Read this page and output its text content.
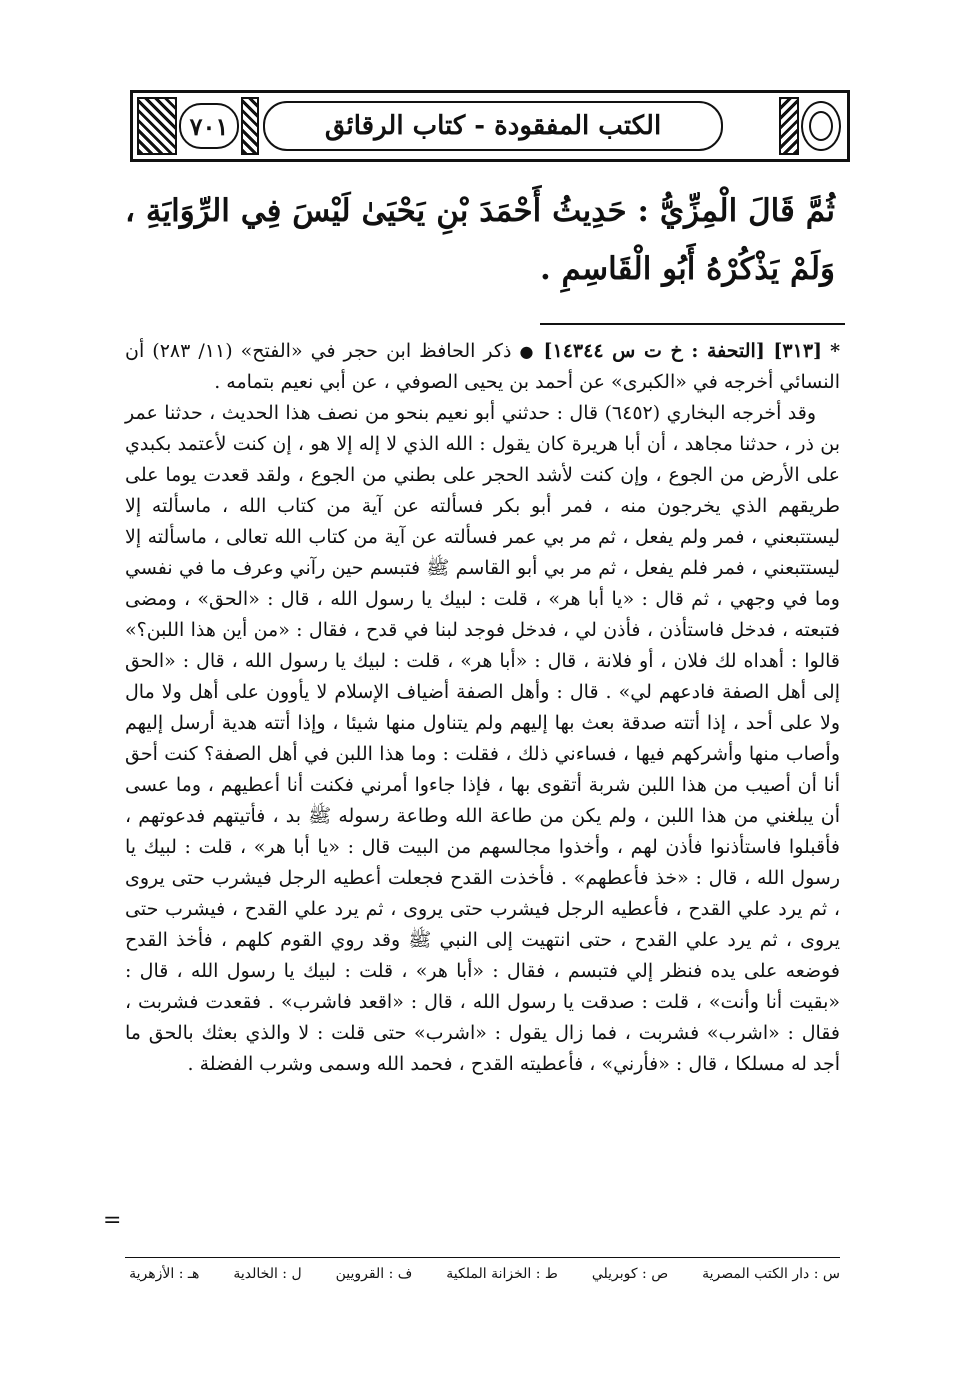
٧٠١	الكتب المفقودة - كتاب الرقائق
ثُمَّ قَالَ الْمِزِّيُّ : حَدِيثُ أَحْمَدَ بْنِ يَحْيَىٰ لَيْسَ فِي الرِّوَايَةِ ، وَلَمْ يَذْكُرْهُ أَبُو الْقَاسِمِ .

* [٣١٣] [التحفة : خ ت س ١٤٣٤٤] ● ذكر الحافظ ابن حجر في «الفتح» (١١/ ٢٨٣) أن النسائي أخرجه في «الكبرى» عن أحمد بن يحيى الصوفي ، عن أبي نعيم بتمامه .

وقد أخرجه البخاري (٦٤٥٢) قال : حدثني أبو نعيم بنحو من نصف هذا الحديث ، حدثنا عمر بن ذر ، حدثنا مجاهد ، أن أبا هريرة كان يقول : الله الذي لا إله إلا هو ، إن كنت لأعتمد بكبدي على الأرض من الجوع ، وإن كنت لأشد الحجر على بطني من الجوع ، ولقد قعدت يوما على طريقهم الذي يخرجون منه ، فمر أبو بكر فسألته عن آية من كتاب الله ، ماسألته إلا ليستتبعني ، فمر ولم يفعل ، ثم مر بي عمر فسألته عن آية من كتاب الله تعالى ، ماسألته إلا ليستتبعني ، فمر فلم يفعل ، ثم مر بي أبو القاسم ﷺ فتبسم حين رآني وعرف ما في نفسي وما في وجهي ، ثم قال : «يا أبا هر» ، قلت : لبيك يا رسول الله ، قال : «الحق» ، ومضى فتبعته ، فدخل فاستأذن ، فأذن لي ، فدخل فوجد لبنا في قدح ، فقال : «من أين هذا اللبن؟» قالوا : أهداه لك فلان ، أو فلانة ، قال : «أبا هر» ، قلت : لبيك يا رسول الله ، قال : «الحق إلى أهل الصفة فادعهم لي» . قال : وأهل الصفة أضياف الإسلام لا يأوون على أهل ولا مال ولا على أحد ، إذا أتته صدقة بعث بها إليهم ولم يتناول منها شيئا ، وإذا أتته هدية أرسل إليهم وأصاب منها وأشركهم فيها ، فساءني ذلك ، فقلت : وما هذا اللبن في أهل الصفة؟ كنت أحق أنا أن أصيب من هذا اللبن شربة أتقوى بها ، فإذا جاءوا أمرني فكنت أنا أعطيهم ، وما عسى أن يبلغني من هذا اللبن ، ولم يكن من طاعة الله وطاعة رسوله ﷺ بد ، فأتيتهم فدعوتهم ، فأقبلوا فاستأذنوا فأذن لهم ، وأخذوا مجالسهم من البيت قال : «يا أبا هر» ، قلت : لبيك يا رسول الله ، قال : «خذ فأعطهم» . فأخذت القدح فجعلت أعطيه الرجل فيشرب حتى يروى ، ثم يرد علي القدح ، فأعطيه الرجل فيشرب حتى يروى ، ثم يرد علي القدح ، فيشرب حتى يروى ، ثم يرد علي القدح ، حتى انتهيت إلى النبي ﷺ وقد روي القوم كلهم ، فأخذ القدح فوضعه على يده فنظر إلي فتبسم ، فقال : «أبا هر» ، قلت : لبيك يا رسول الله ، قال : «بقيت أنا وأنت» ، قلت : صدقت يا رسول الله ، قال : «اقعد فاشرب» . فقعدت فشربت ، فقال : «اشرب» فشربت ، فما زال يقول : «اشرب» حتى قلت : لا والذي بعثك بالحق ما أجد له مسلكا ، قال : «فأرني» ، فأعطيته القدح ، فحمد الله وسمى وشرب الفضلة .

=
س : دار الكتب المصرية
ص : كوبريلي
ط : الخزانة الملكية
ف : القرويين
ل : الخالدية
هـ : الأزهرية
